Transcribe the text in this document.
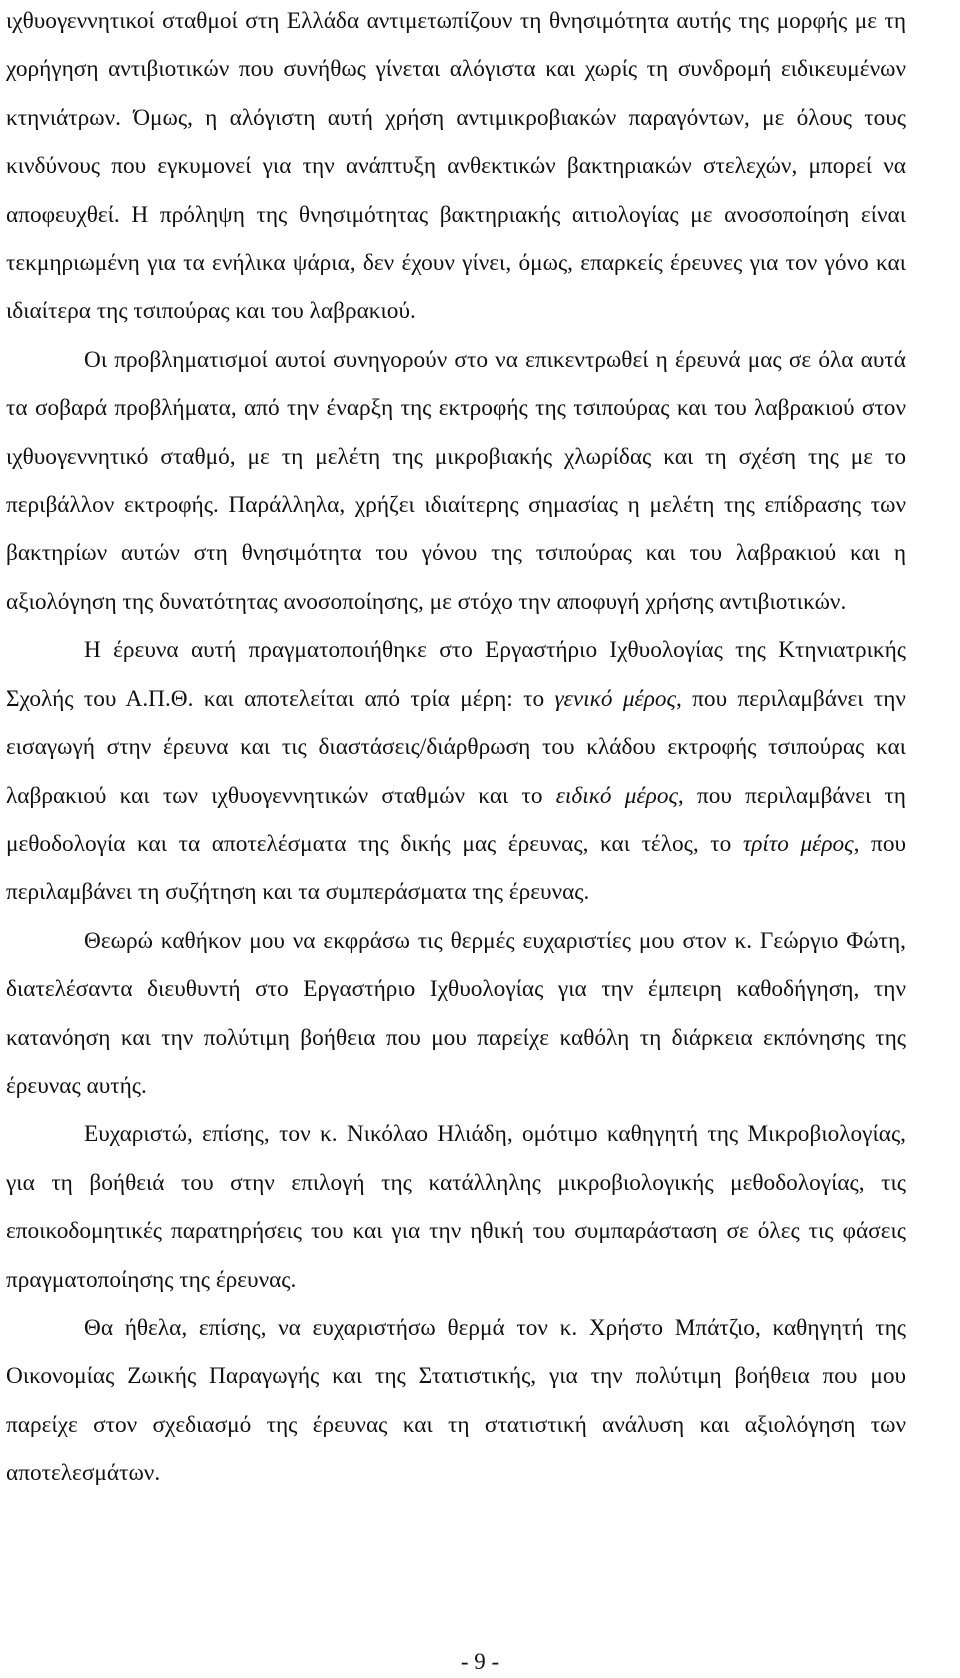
ιχθυογεννητικοί σταθμοί στη Ελλάδα αντιμετωπίζουν τη θνησιμότητα αυτής της μορφής με τη χορήγηση αντιβιοτικών που συνήθως γίνεται αλόγιστα και χωρίς τη συνδρομή ειδικευμένων κτηνιάτρων. Όμως, η αλόγιστη αυτή χρήση αντιμικροβιακών παραγόντων, με όλους τους κινδύνους που εγκυμονεί για την ανάπτυξη ανθεκτικών βακτηριακών στελεχών, μπορεί να αποφευχθεί. Η πρόληψη της θνησιμότητας βακτηριακής αιτιολογίας με ανοσοποίηση είναι τεκμηριωμένη για τα ενήλικα ψάρια, δεν έχουν γίνει, όμως, επαρκείς έρευνες για τον γόνο και ιδιαίτερα της τσιπούρας και του λαβρακιού.

Οι προβληματισμοί αυτοί συνηγορούν στο να επικεντρωθεί η έρευνά μας σε όλα αυτά τα σοβαρά προβλήματα, από την έναρξη της εκτροφής της τσιπούρας και του λαβρακιού στον ιχθυογεννητικό σταθμό, με τη μελέτη της μικροβιακής χλωρίδας και τη σχέση της με το περιβάλλον εκτροφής. Παράλληλα, χρήζει ιδιαίτερης σημασίας η μελέτη της επίδρασης των βακτηρίων αυτών στη θνησιμότητα του γόνου της τσιπούρας και του λαβρακιού και η αξιολόγηση της δυνατότητας ανοσοποίησης, με στόχο την αποφυγή χρήσης αντιβιοτικών.

Η έρευνα αυτή πραγματοποιήθηκε στο Εργαστήριο Ιχθυολογίας της Κτηνιατρικής Σχολής του Α.Π.Θ. και αποτελείται από τρία μέρη: το γενικό μέρος, που περιλαμβάνει την εισαγωγή στην έρευνα και τις διαστάσεις/διάρθρωση του κλάδου εκτροφής τσιπούρας και λαβρακιού και των ιχθυογεννητικών σταθμών και το ειδικό μέρος, που περιλαμβάνει τη μεθοδολογία και τα αποτελέσματα της δικής μας έρευνας, και τέλος, το τρίτο μέρος, που περιλαμβάνει τη συζήτηση και τα συμπεράσματα της έρευνας.

Θεωρώ καθήκον μου να εκφράσω τις θερμές ευχαριστίες μου στον κ. Γεώργιο Φώτη, διατελέσαντα διευθυντή στο Εργαστήριο Ιχθυολογίας για την έμπειρη καθοδήγηση, την κατανόηση και την πολύτιμη βοήθεια που μου παρείχε καθόλη τη διάρκεια εκπόνησης της έρευνας αυτής.

Ευχαριστώ, επίσης, τον κ. Νικόλαο Ηλιάδη, ομότιμο καθηγητή της Μικροβιολογίας, για τη βοήθειά του στην επιλογή της κατάλληλης μικροβιολογικής μεθοδολογίας, τις εποικοδομητικές παρατηρήσεις του και για την ηθική του συμπαράσταση σε όλες τις φάσεις πραγματοποίησης της έρευνας.

Θα ήθελα, επίσης, να ευχαριστήσω θερμά τον κ. Χρήστο Μπάτζιο, καθηγητή της Οικονομίας Ζωικής Παραγωγής και της Στατιστικής, για την πολύτιμη βοήθεια που μου παρείχε στον σχεδιασμό της έρευνας και τη στατιστική ανάλυση και αξιολόγηση των αποτελεσμάτων.

- 9 -
